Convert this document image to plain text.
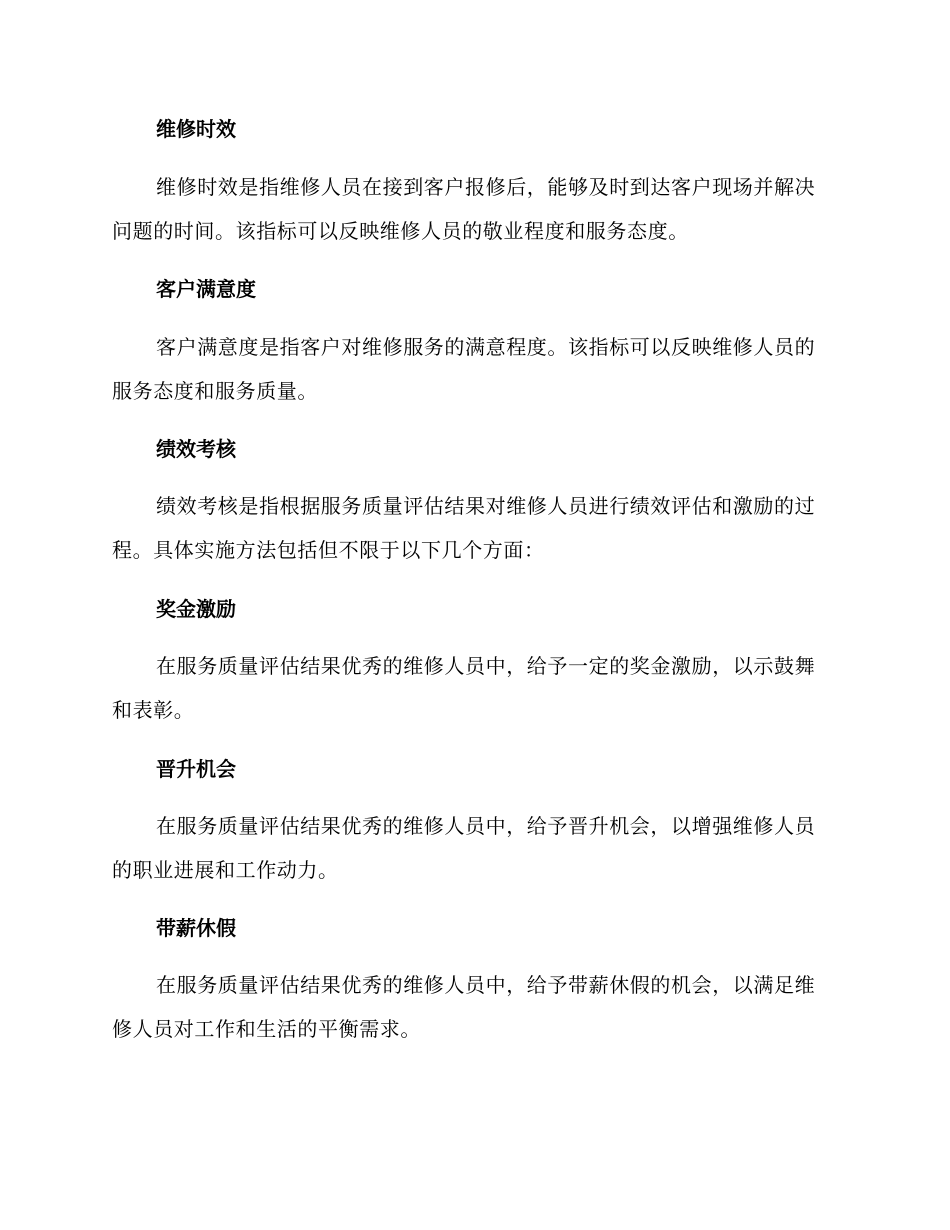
维修时效
维修时效是指维修人员在接到客户报修后，能够及时到达客户现场并解决问题的时间。该指标可以反映维修人员的敬业程度和服务态度。
客户满意度
客户满意度是指客户对维修服务的满意程度。该指标可以反映维修人员的服务态度和服务质量。
绩效考核
绩效考核是指根据服务质量评估结果对维修人员进行绩效评估和激励的过程。具体实施方法包括但不限于以下几个方面：
奖金激励
在服务质量评估结果优秀的维修人员中，给予一定的奖金激励，以示鼓舞和表彰。
晋升机会
在服务质量评估结果优秀的维修人员中，给予晋升机会，以增强维修人员的职业进展和工作动力。
带薪休假
在服务质量评估结果优秀的维修人员中，给予带薪休假的机会，以满足维修人员对工作和生活的平衡需求。
